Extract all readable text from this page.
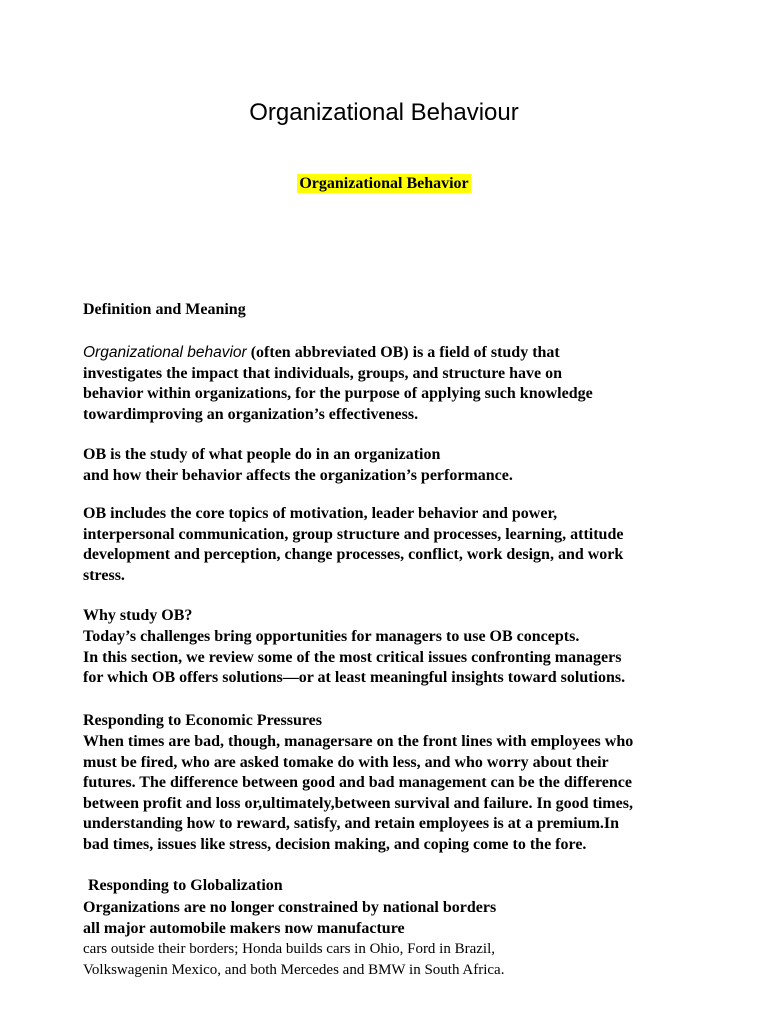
Organizational Behaviour
Organizational Behavior

Definition and Meaning

Organizational behavior (often abbreviated OB) is a field of study that
investigates the impact that individuals, groups, and structure have on
behavior within organizations, for the purpose of applying such knowledge
towardimproving an organization’s effectiveness.

OB is the study of what people do in an organization
and how their behavior affects the organization’s performance.

OB includes the core topics of motivation, leader behavior and power,
interpersonal communication, group structure and processes, learning, attitude
development and perception, change processes, conflict, work design, and work
stress.

Why study OB?

Today’s challenges bring opportunities for managers to use OB concepts.
In this section, we review some of the most critical issues confronting managers
for which OB offers solutions—or at least meaningful insights toward solutions.

Responding to Economic Pressures

When times are bad, though, managersare on the front lines with employees who
must be fired, who are asked tomake do with less, and who worry about their
futures. The difference between good and bad management can be the difference
between profit and loss or,ultimately,between survival and failure. In good times,
understanding how to reward, satisfy, and retain employees is at a premium.In
bad times, issues like stress, decision making, and coping come to the fore.

Responding to Globalization

Organizations are no longer constrained by national borders
all major automobile makers now manufacture

cars outside their borders; Honda builds cars in Ohio, Ford in Brazil,
Volkswagenin Mexico, and both Mercedes and BMW in South Africa.
